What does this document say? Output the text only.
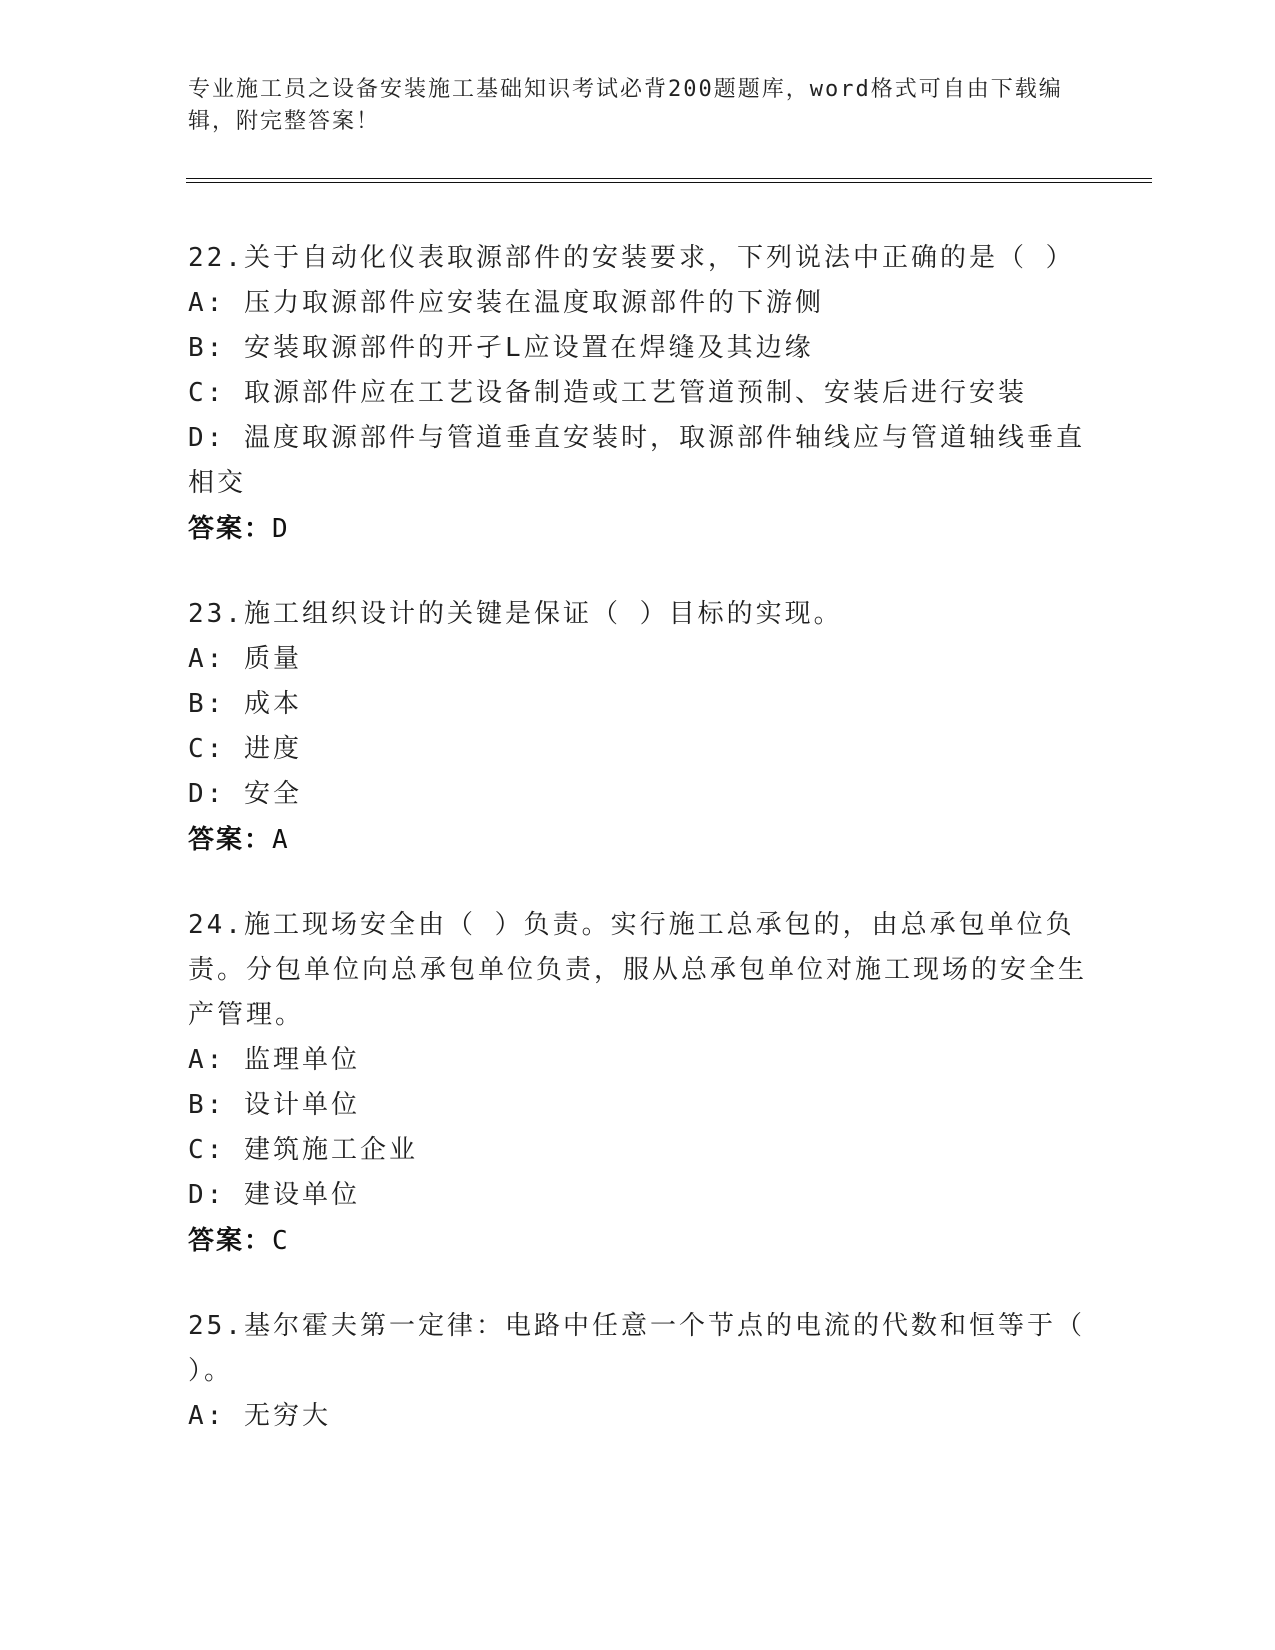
专业施工员之设备安装施工基础知识考试必背200题题库，word格式可自由下载编辑，附完整答案！
22.关于自动化仪表取源部件的安装要求，下列说法中正确的是（ ）
A: 压力取源部件应安装在温度取源部件的下游侧
B: 安装取源部件的开孑L应设置在焊缝及其边缘
C: 取源部件应在工艺设备制造或工艺管道预制、安装后进行安装
D: 温度取源部件与管道垂直安装时，取源部件轴线应与管道轴线垂直相交
答案：D
23.施工组织设计的关键是保证（ ）目标的实现。
A: 质量
B: 成本
C: 进度
D: 安全
答案：A
24.施工现场安全由（ ）负责。实行施工总承包的，由总承包单位负责。分包单位向总承包单位负责，服从总承包单位对施工现场的安全生产管理。
A: 监理单位
B: 设计单位
C: 建筑施工企业
D: 建设单位
答案：C
25.基尔霍夫第一定律：电路中任意一个节点的电流的代数和恒等于（ ）。
A: 无穷大
